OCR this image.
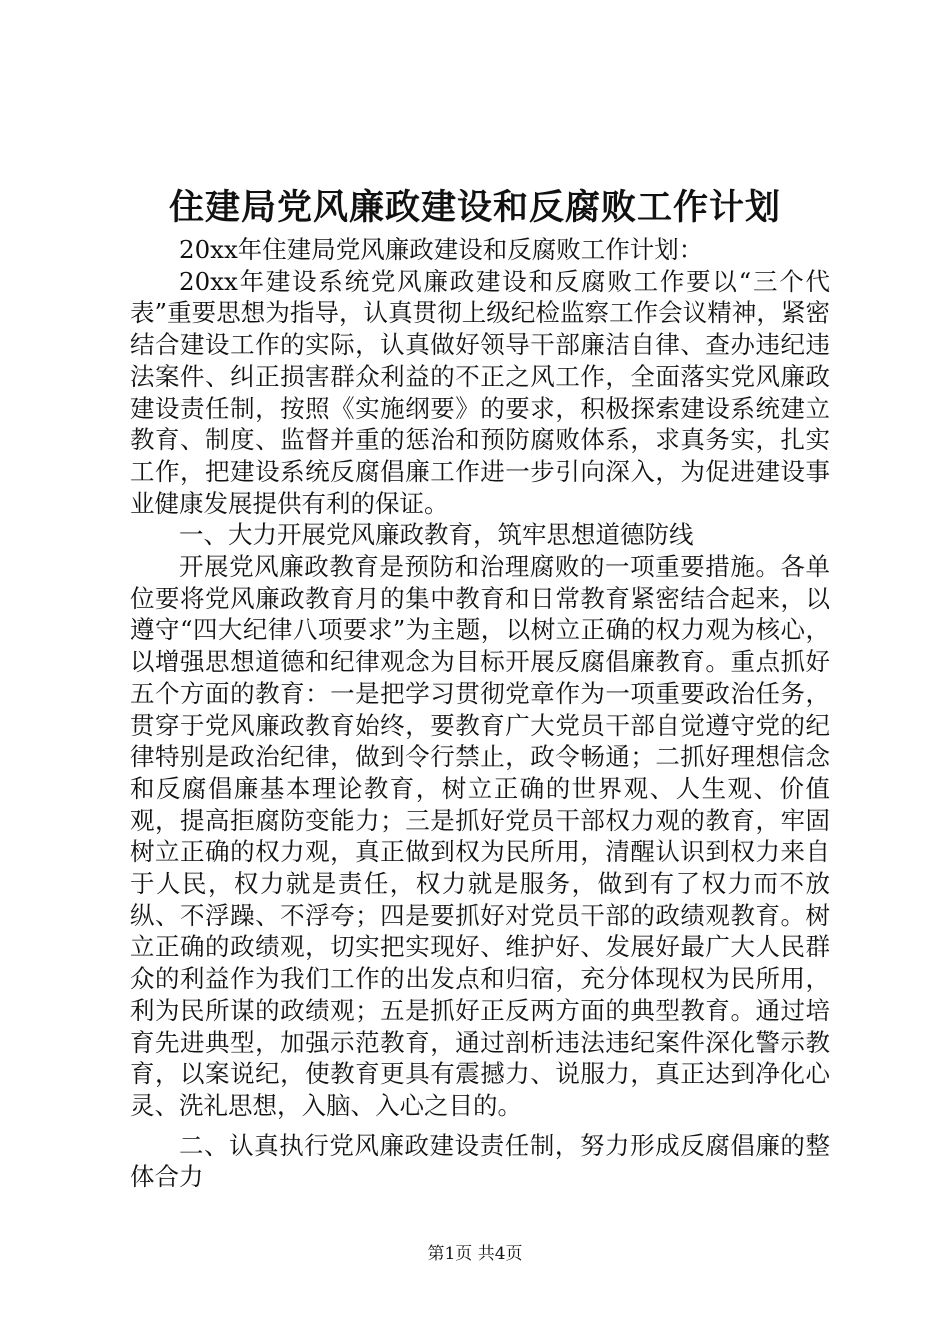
住建局党风廉政建设和反腐败工作计划

20xx年住建局党风廉政建设和反腐败工作计划：

20xx年建设系统党风廉政建设和反腐败工作要以“三个代表”重要思想为指导，认真贯彻上级纪检监察工作会议精神，紧密结合建设工作的实际，认真做好领导干部廉洁自律、查办违纪违法案件、纠正损害群众利益的不正之风工作，全面落实党风廉政建设责任制，按照《实施纲要》的要求，积极探索建设系统建立教育、制度、监督并重的惩治和预防腐败体系，求真务实，扎实工作，把建设系统反腐倡廉工作进一步引向深入，为促进建设事业健康发展提供有利的保证。

一、大力开展党风廉政教育，筑牢思想道德防线

开展党风廉政教育是预防和治理腐败的一项重要措施。各单位要将党风廉政教育月的集中教育和日常教育紧密结合起来，以遵守“四大纪律八项要求”为主题，以树立正确的权力观为核心，以增强思想道德和纪律观念为目标开展反腐倡廉教育。重点抓好五个方面的教育：一是把学习贯彻党章作为一项重要政治任务，贯穿于党风廉政教育始终，要教育广大党员干部自觉遵守党的纪律特别是政治纪律，做到令行禁止，政令畅通；二抓好理想信念和反腐倡廉基本理论教育，树立正确的世界观、人生观、价值观，提高拒腐防变能力；三是抓好党员干部权力观的教育，牢固树立正确的权力观，真正做到权为民所用，清醒认识到权力来自于人民，权力就是责任，权力就是服务，做到有了权力而不放纵、不浮躁、不浮夸；四是要抓好对党员干部的政绩观教育。树立正确的政绩观，切实把实现好、维护好、发展好最广大人民群众的利益作为我们工作的出发点和归宿，充分体现权为民所用，利为民所谋的政绩观；五是抓好正反两方面的典型教育。通过培育先进典型，加强示范教育，通过剖析违法违纪案件深化警示教育，以案说纪，使教育更具有震撼力、说服力，真正达到净化心灵、洗礼思想，入脑、入心之目的。

二、认真执行党风廉政建设责任制，努力形成反腐倡廉的整体合力

第1页 共4页
